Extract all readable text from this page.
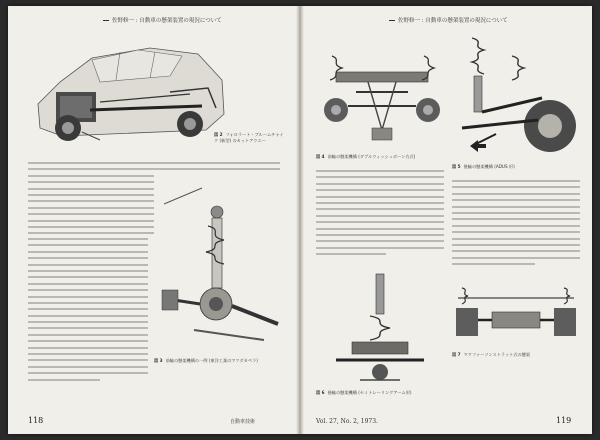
佐野修一 : 自動車の懸架装置の現況について
図 2 フォロラート・ブルームチャイク (新型) のカットアウエー
図 3 前輪の懸架機構の一例 (東洋工業のマツダカペラ)
118	自動車技術
佐野修一 : 自動車の懸架装置の現況について
図 4 前輪の懸架機構 (ダブルウィッシュボーン方式)
図 5 後輪の懸架機構 (ADUS 形)
図 6 後輪の懸架機構 (セミトレーリングアーム形)
図 7 マクファーソンストラット式の懸架
Vol. 27, No. 2, 1973.	119
